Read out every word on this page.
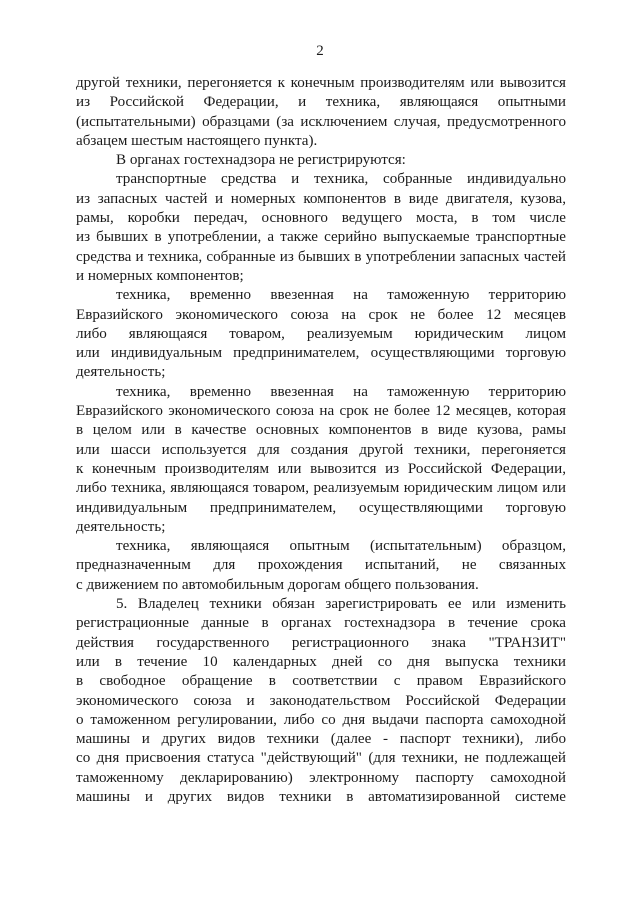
2
другой техники, перегоняется к конечным производителям или вывозится
из Российской Федерации, и техника, являющаяся опытными
(испытательными) образцами (за исключением случая, предусмотренного
абзацем шестым настоящего пункта).
В органах гостехнадзора не регистрируются:
транспортные средства и техника, собранные индивидуально
из запасных частей и номерных компонентов в виде двигателя, кузова,
рамы, коробки передач, основного ведущего моста, в том числе
из бывших в употреблении, а также серийно выпускаемые транспортные
средства и техника, собранные из бывших в употреблении запасных частей
и номерных компонентов;
техника, временно ввезенная на таможенную территорию
Евразийского экономического союза на срок не более 12 месяцев
либо являющаяся товаром, реализуемым юридическим лицом
или индивидуальным предпринимателем, осуществляющими торговую
деятельность;
техника, временно ввезенная на таможенную территорию
Евразийского экономического союза на срок не более 12 месяцев, которая
в целом или в качестве основных компонентов в виде кузова, рамы
или шасси используется для создания другой техники, перегоняется
к конечным производителям или вывозится из Российской Федерации,
либо техника, являющаяся товаром, реализуемым юридическим лицом или
индивидуальным предпринимателем, осуществляющими торговую
деятельность;
техника, являющаяся опытным (испытательным) образцом,
предназначенным для прохождения испытаний, не связанных
с движением по автомобильным дорогам общего пользования.
5. Владелец техники обязан зарегистрировать ее или изменить
регистрационные данные в органах гостехнадзора в течение срока
действия государственного регистрационного знака "ТРАНЗИТ"
или в течение 10 календарных дней со дня выпуска техники
в свободное обращение в соответствии с правом Евразийского
экономического союза и законодательством Российской Федерации
о таможенном регулировании, либо со дня выдачи паспорта самоходной
машины и других видов техники (далее - паспорт техники), либо
со дня присвоения статуса "действующий" (для техники, не подлежащей
таможенному декларированию) электронному паспорту самоходной
машины и других видов техники в автоматизированной системе
